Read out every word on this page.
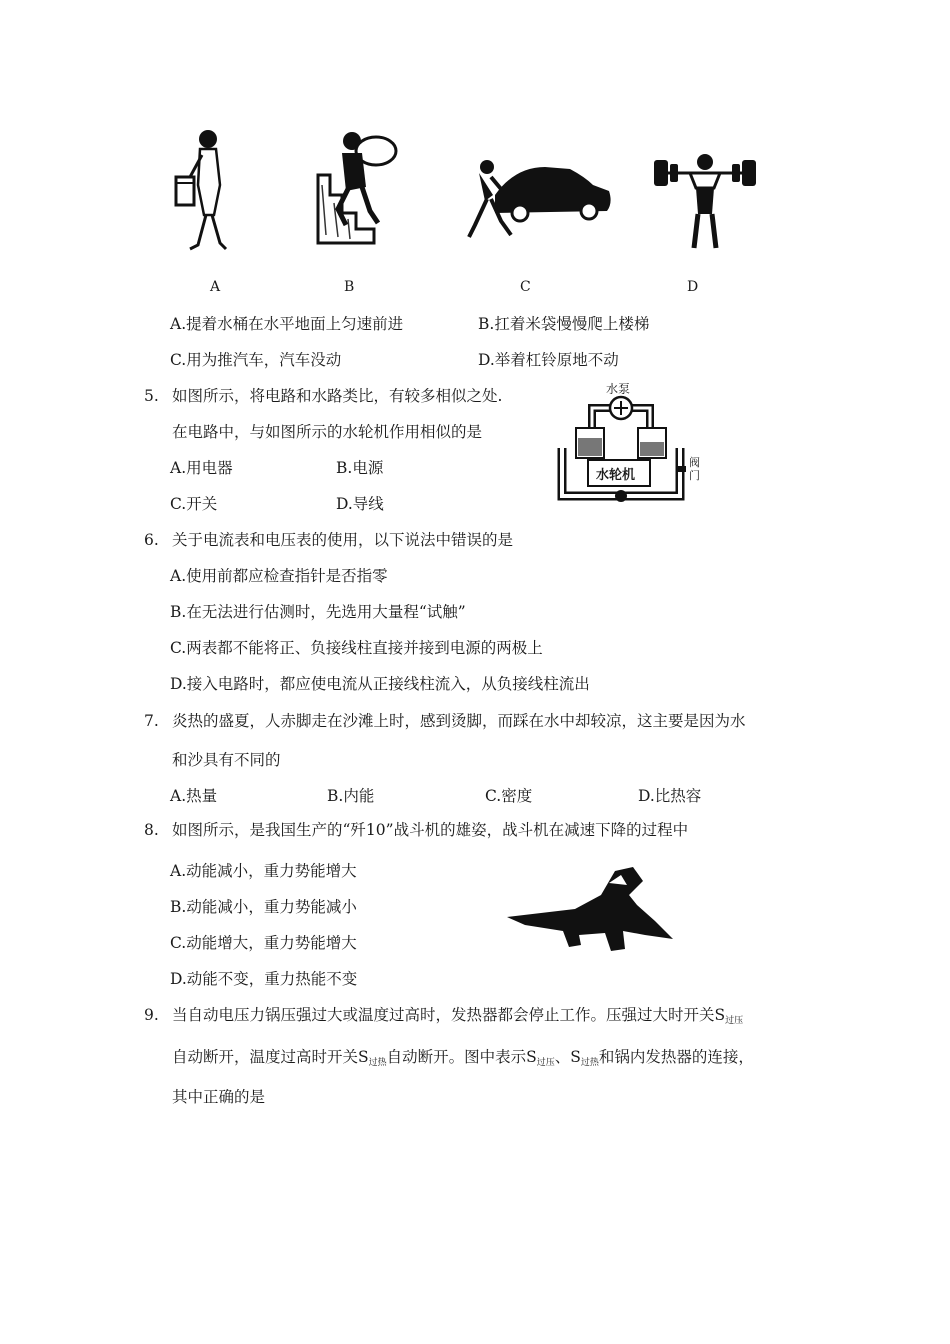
A	B	C	D
A.提着水桶在水平地面上匀速前进	B.扛着米袋慢慢爬上楼梯
C.用为推汽车，汽车没动	D.举着杠铃原地不动
5. 如图所示，将电路和水路类比，有较多相似之处.
在电路中，与如图所示的水轮机作用相似的是
A.用电器	B.电源
C.开关	D.导线
水泵
水轮机
阀门
6. 关于电流表和电压表的使用，以下说法中错误的是
A.使用前都应检查指针是否指零
B.在无法进行估测时，先选用大量程“试触”
C.两表都不能将正、负接线柱直接并接到电源的两极上
D.接入电路时，都应使电流从正接线柱流入，从负接线柱流出
7. 炎热的盛夏，人赤脚走在沙滩上时，感到烫脚，而踩在水中却较凉，这主要是因为水
和沙具有不同的
A.热量	B.内能	C.密度	D.比热容
8. 如图所示，是我国生产的“歼10”战斗机的雄姿，战斗机在减速下降的过程中
A.动能减小，重力势能增大
B.动能减小，重力势能减小
C.动能增大，重力势能增大
D.动能不变，重力热能不变
9. 当自动电压力锅压强过大或温度过高时，发热器都会停止工作。压强过大时开关$S_{过压}$
自动断开，温度过高时开关$S_{过热}$自动断开。图中表示$S_{过压}$、$S_{过热}$和锅内发热器的连接，
其中正确的是
